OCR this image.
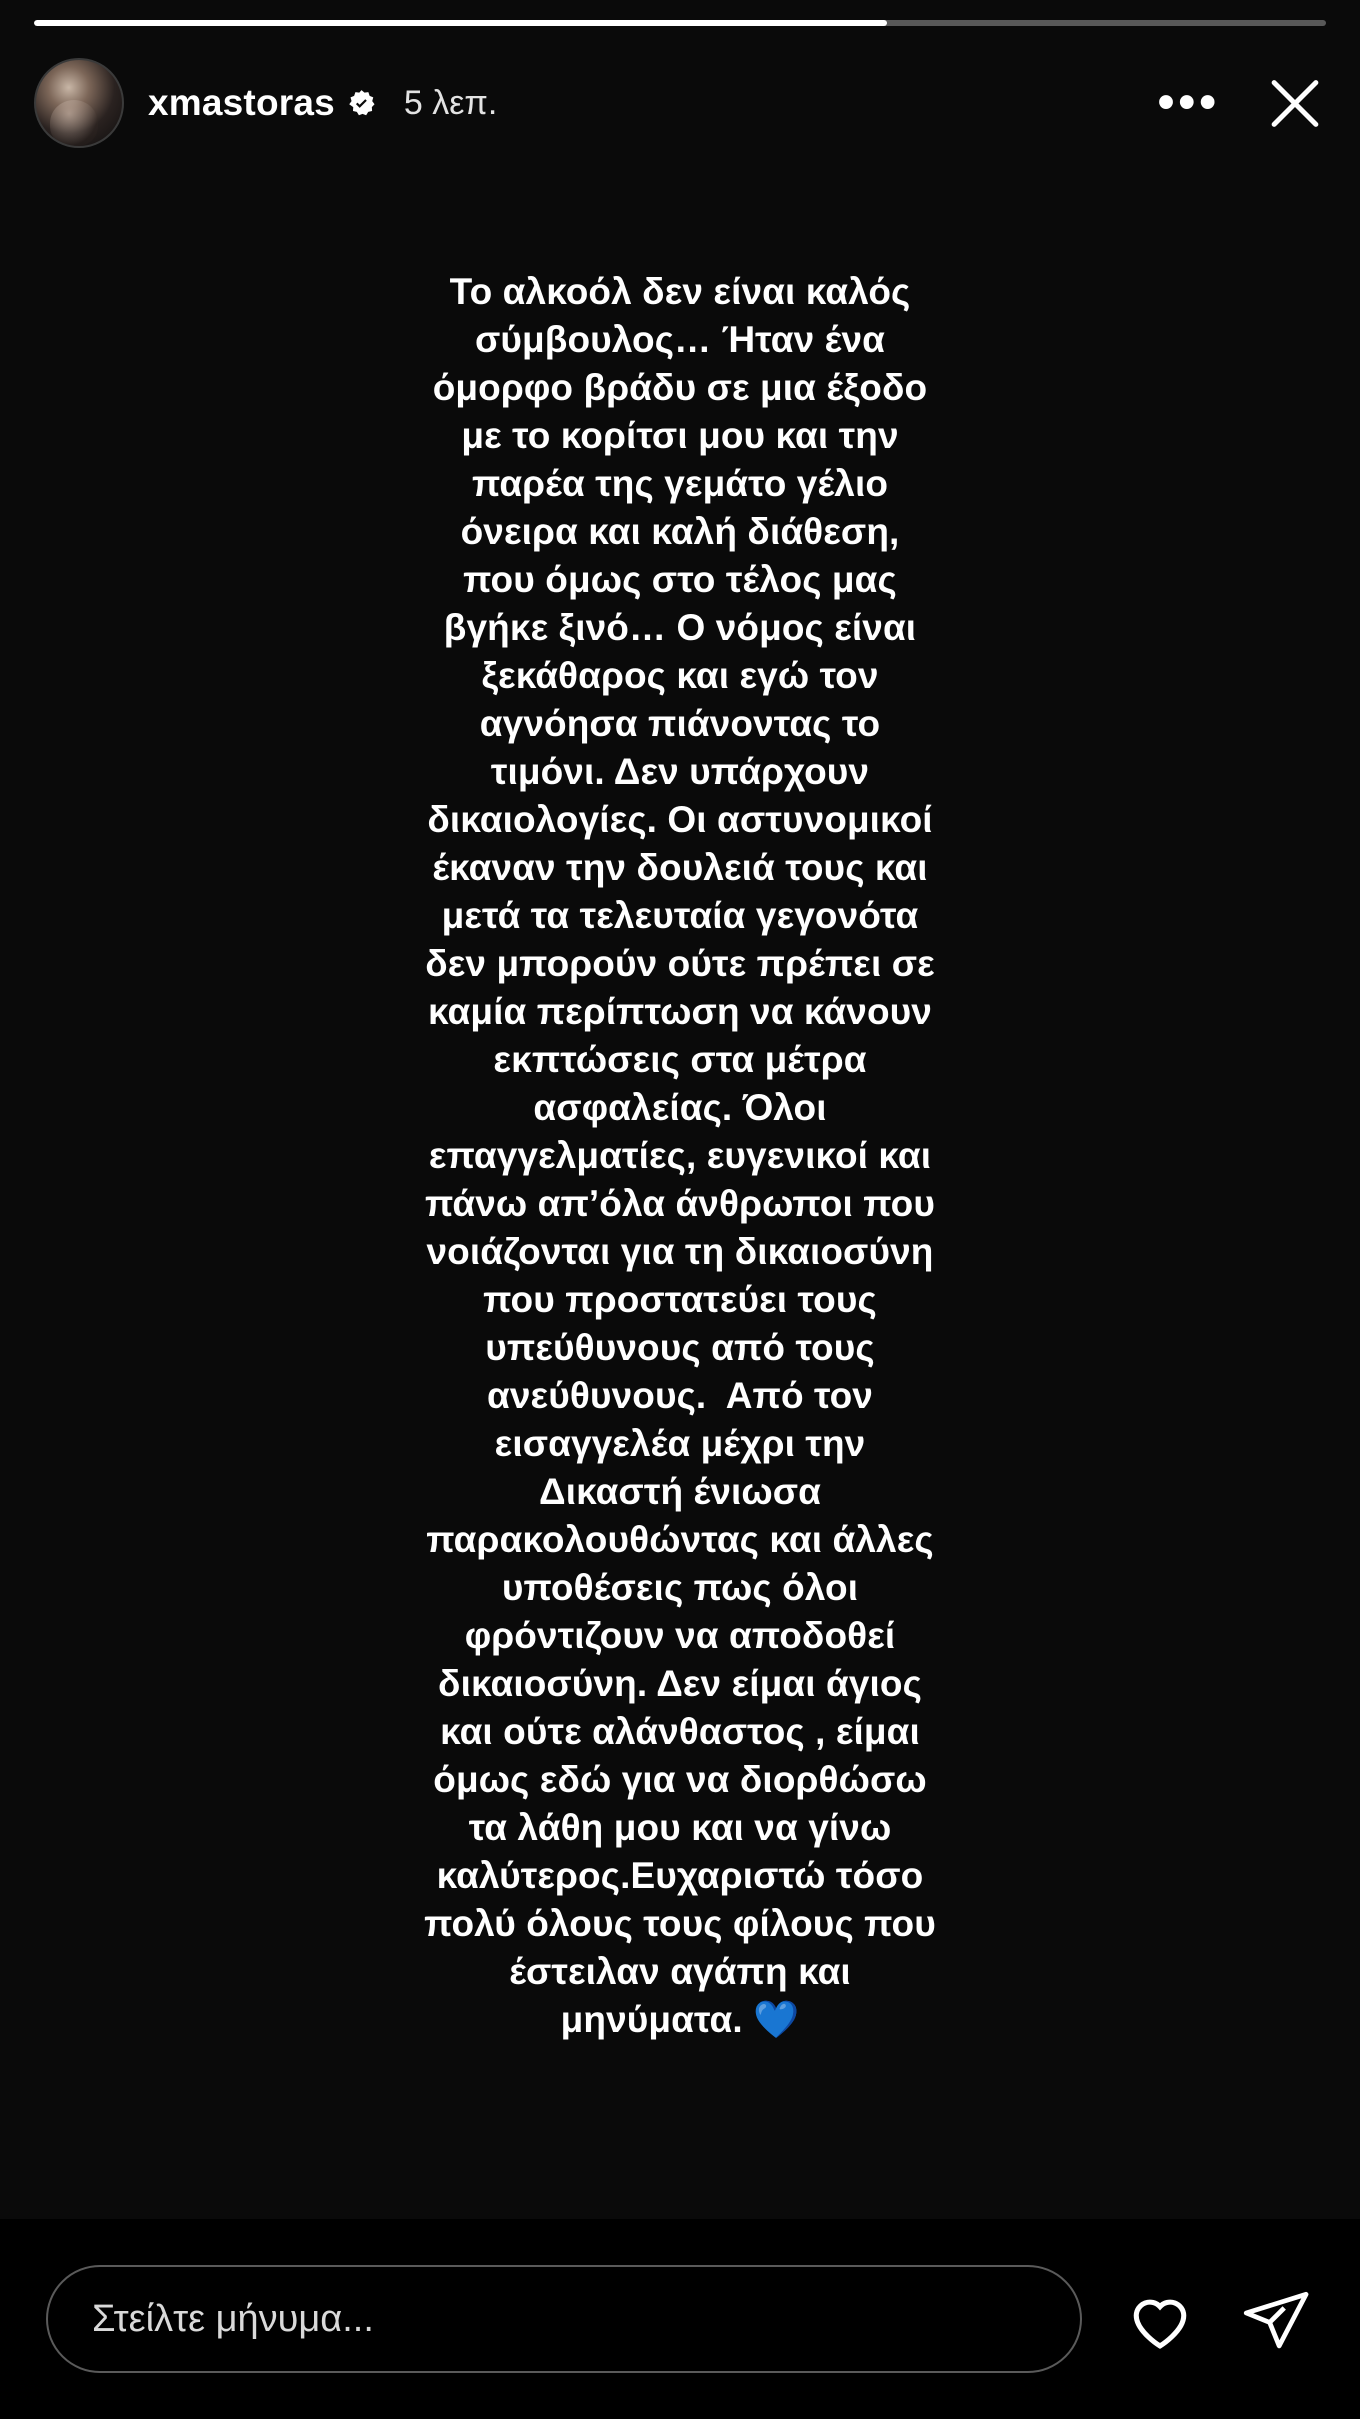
xmastoras 5 λεπ.	•••
Το αλκοόλ δεν είναι καλός σύμβουλος… Ήταν ένα όμορφο βράδυ σε μια έξοδο με το κορίτσι μου και την παρέα της γεμάτο γέλιο όνειρα και καλή διάθεση, που όμως στο τέλος μας βγήκε ξινό… Ο νόμος είναι ξεκάθαρος και εγώ τον αγνόησα πιάνοντας το τιμόνι. Δεν υπάρχουν δικαιολογίες. Οι αστυνομικοί έκαναν την δουλειά τους και μετά τα τελευταία γεγονότα δεν μπορούν ούτε πρέπει σε καμία περίπτωση να κάνουν εκπτώσεις στα μέτρα ασφαλείας. Όλοι επαγγελματίες, ευγενικοί και πάνω απ’όλα άνθρωποι που νοιάζονται για τη δικαιοσύνη που προστατεύει τους υπεύθυνους από τους ανεύθυνους.  Από τον εισαγγελέα μέχρι την Δικαστή ένιωσα παρακολουθώντας και άλλες υποθέσεις πως όλοι φρόντιζουν να αποδοθεί δικαιοσύνη. Δεν είμαι άγιος και ούτε αλάνθαστος , είμαι όμως εδώ για να διορθώσω τα λάθη μου και να γίνω καλύτερος.Ευχαριστώ τόσο πολύ όλους τους φίλους που έστειλαν αγάπη και μηνύματα. 💙
Στείλτε μήνυμα...
